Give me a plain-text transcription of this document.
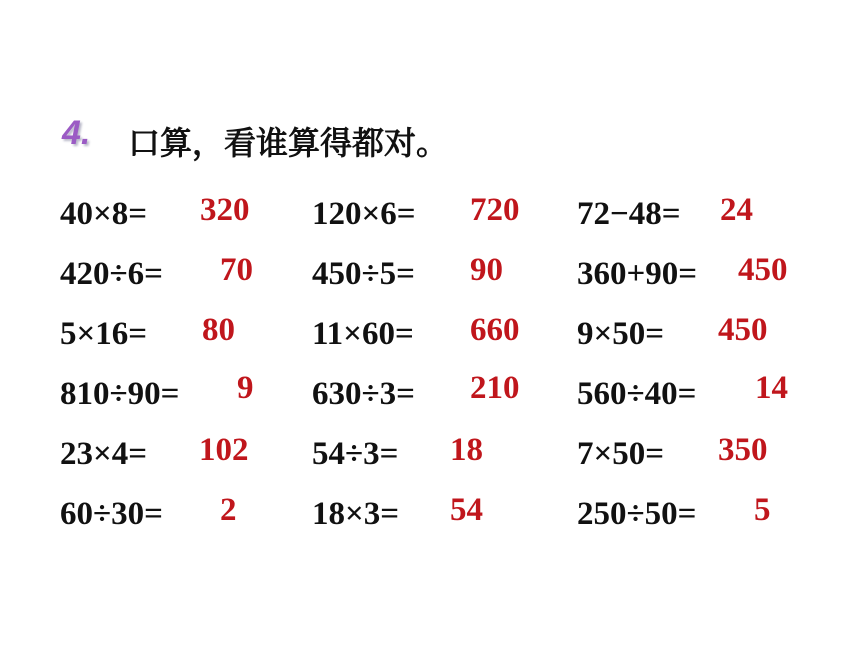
4. 口算，看谁算得都对。
40×8= 320
420÷6= 70
5×16= 80
810÷90= 9
23×4= 102
60÷30= 2
120×6= 720
450÷5= 90
11×60= 660
630÷3= 210
54÷3= 18
18×3= 54
72−48= 24
360+90= 450
9×50= 450
560÷40= 14
7×50= 350
250÷50= 5
